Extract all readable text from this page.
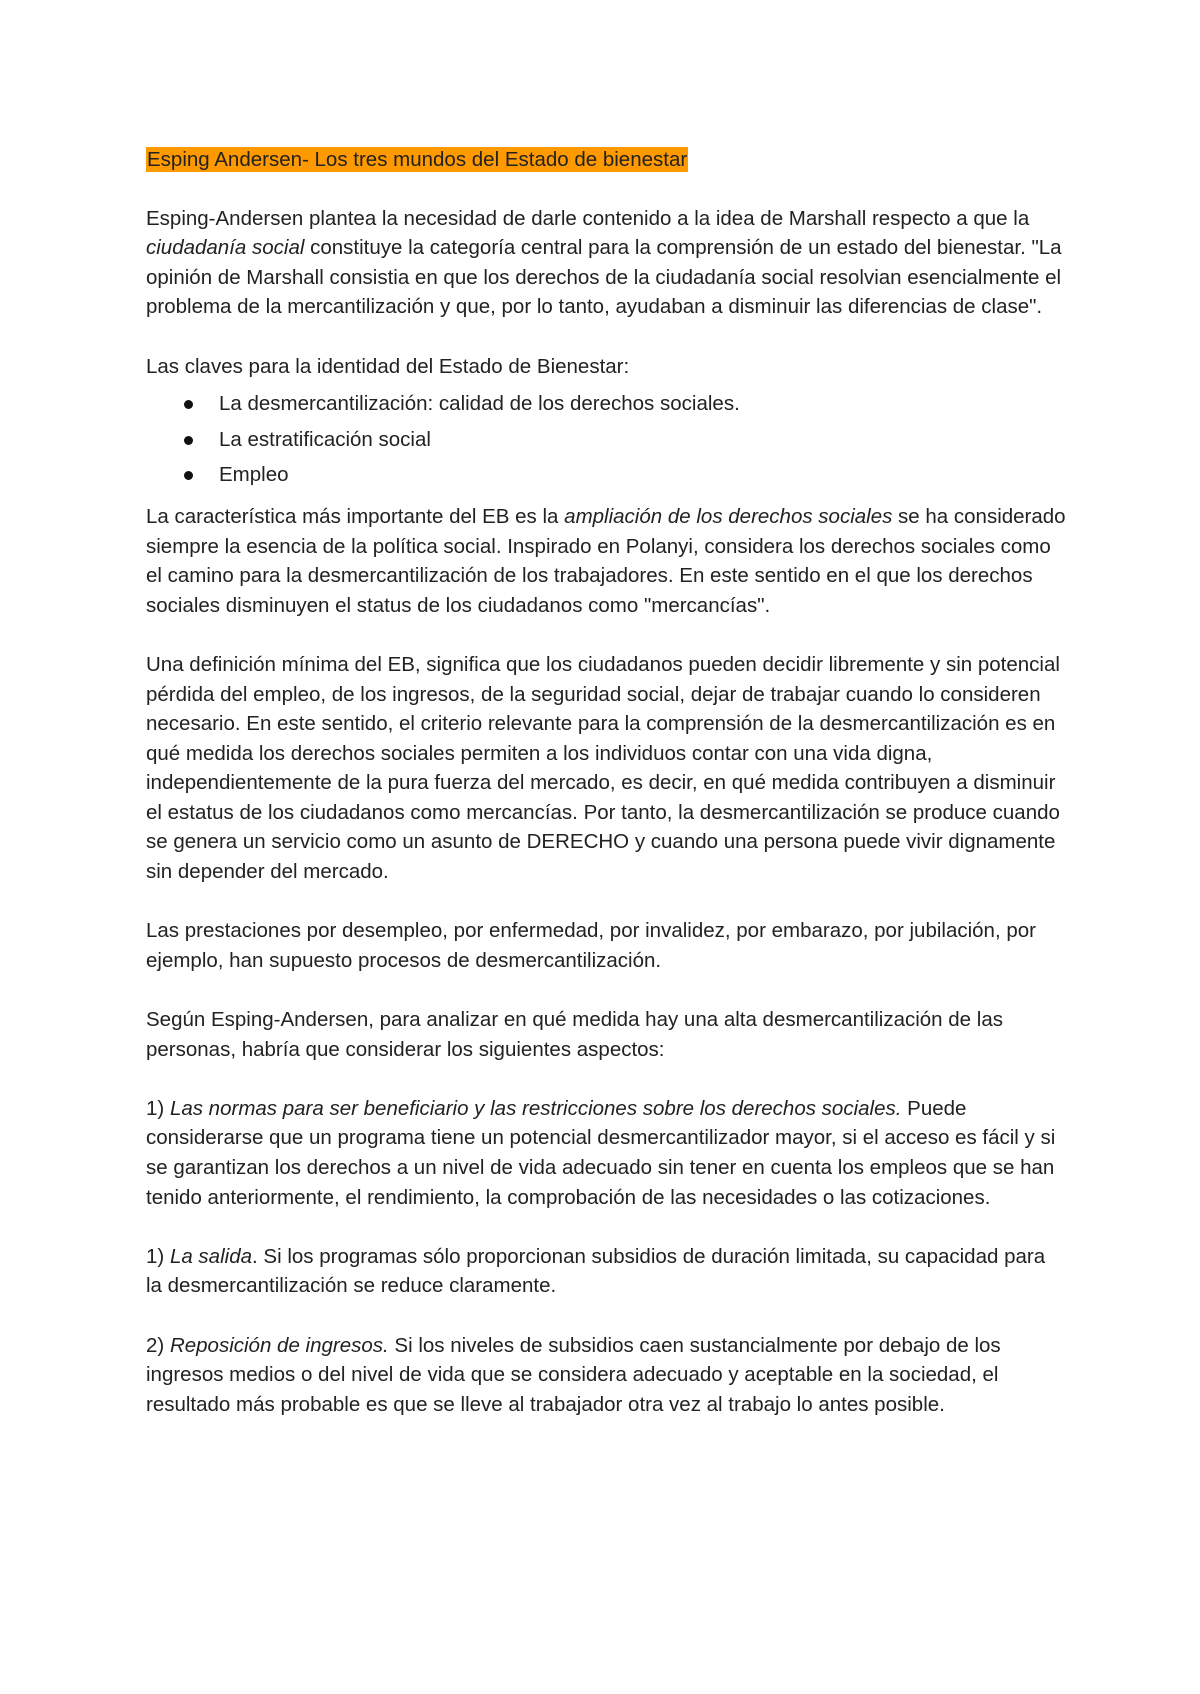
Esping Andersen- Los tres mundos del Estado de bienestar

Esping-Andersen plantea la necesidad de darle contenido a la idea de Marshall respecto a que la ciudadanía social constituye la categoría central para la comprensión de un estado del bienestar. "La opinión de Marshall consistia en que los derechos de la ciudadanía social resolvian esencialmente el problema de la mercantilización y que, por lo tanto, ayudaban a disminuir las diferencias de clase".

Las claves para la identidad del Estado de Bienestar:

La desmercantilización: calidad de los derechos sociales.
La estratificación social
Empleo

La característica más importante del EB es la ampliación de los derechos sociales se ha considerado siempre la esencia de la política social. Inspirado en Polanyi, considera los derechos sociales como el camino para la desmercantilización de los trabajadores. En este sentido en el que los derechos sociales disminuyen el status de los ciudadanos como "mercancías".

Una definición mínima del EB, significa que los ciudadanos pueden decidir libremente y sin potencial pérdida del empleo, de los ingresos, de la seguridad social, dejar de trabajar cuando lo consideren necesario. En este sentido, el criterio relevante para la comprensión de la desmercantilización es en qué medida los derechos sociales permiten a los individuos contar con una vida digna, independientemente de la pura fuerza del mercado, es decir, en qué medida contribuyen a disminuir el estatus de los ciudadanos como mercancías. Por tanto, la desmercantilización se produce cuando se genera un servicio como un asunto de DERECHO y cuando una persona puede vivir dignamente sin depender del mercado.

Las prestaciones por desempleo, por enfermedad, por invalidez, por embarazo, por jubilación, por ejemplo, han supuesto procesos de desmercantilización.

Según Esping-Andersen, para analizar en qué medida hay una alta desmercantilización de las personas, habría que considerar los siguientes aspectos:

1) Las normas para ser beneficiario y las restricciones sobre los derechos sociales. Puede considerarse que un programa tiene un potencial desmercantilizador mayor, si el acceso es fácil y si se garantizan los derechos a un nivel de vida adecuado sin tener en cuenta los empleos que se han tenido anteriormente, el rendimiento, la comprobación de las necesidades o las cotizaciones.

1) La salida. Si los programas sólo proporcionan subsidios de duración limitada, su capacidad para la desmercantilización se reduce claramente.

2) Reposición de ingresos. Si los niveles de subsidios caen sustancialmente por debajo de los ingresos medios o del nivel de vida que se considera adecuado y aceptable en la sociedad, el resultado más probable es que se lleve al trabajador otra vez al trabajo lo antes posible.
